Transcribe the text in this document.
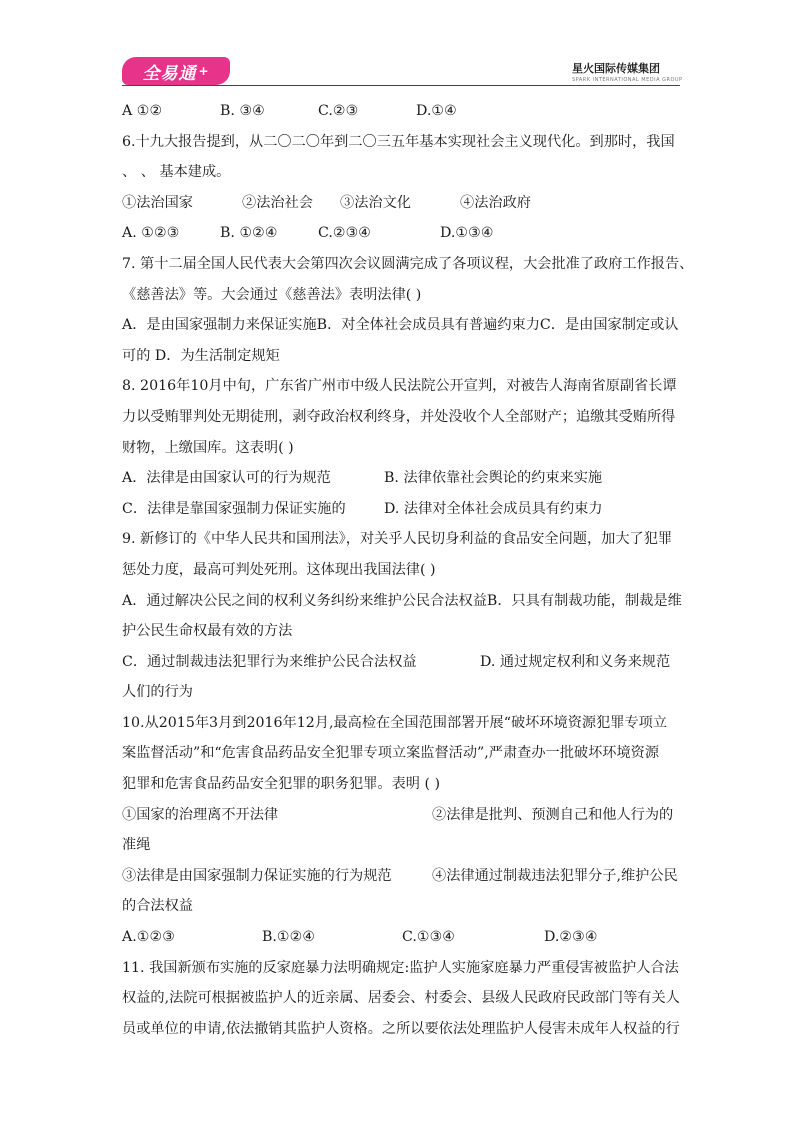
全易通 +	星火国际传媒集团
SPARK INTERNATIONAL MEDIA GROUP
A ①②	B. ③④	C.②③	D.①④
6.十九大报告提到，从二〇二〇年到二〇三五年基本实现社会主义现代化。到那时，我国
、 、 基本建成。
①法治国家	②法治社会	③法治文化	④法治政府
A. ①②③	B. ①②④	C.②③④	D.①③④
7. 第十二届全国人民代表大会第四次会议圆满完成了各项议程，大会批准了政府工作报告、
《慈善法》等。大会通过《慈善法》表明法律( )
A．是由国家强制力来保证实施B．对全体社会成员具有普遍约束力C．是由国家制定或认
可的 D．为生活制定规矩
8. 2016年10月中旬，广东省广州市中级人民法院公开宣判，对被告人海南省原副省长谭
力以受贿罪判处无期徒刑，剥夺政治权利终身，并处没收个人全部财产；追缴其受贿所得
财物，上缴国库。这表明( )
A．法律是由国家认可的行为规范	B. 法律依靠社会舆论的约束来实施
C．法律是靠国家强制力保证实施的	D. 法律对全体社会成员具有约束力
9. 新修订的《中华人民共和国刑法》，对关乎人民切身利益的食品安全问题，加大了犯罪
惩处力度，最高可判处死刑。这体现出我国法律( )
A．通过解决公民之间的权利义务纠纷来维护公民合法权益B．只具有制裁功能，制裁是维
护公民生命权最有效的方法
C．通过制裁违法犯罪行为来维护公民合法权益	D. 通过规定权利和义务来规范
人们的行为
10.从2015年3月到2016年12月,最高检在全国范围部署开展“破坏环境资源犯罪专项立
案监督活动”和“危害食品药品安全犯罪专项立案监督活动”,严肃查办一批破坏环境资源
犯罪和危害食品药品安全犯罪的职务犯罪。表明 ( )
①国家的治理离不开法律	②法律是批判、预测自己和他人行为的
准绳
③法律是由国家强制力保证实施的行为规范	④法律通过制裁违法犯罪分子,维护公民
的合法权益
A.①②③	B.①②④	C.①③④	D.②③④
11. 我国新颁布实施的反家庭暴力法明确规定:监护人实施家庭暴力严重侵害被监护人合法
权益的,法院可根据被监护人的近亲属、居委会、村委会、县级人民政府民政部门等有关人
员或单位的申请,依法撤销其监护人资格。之所以要依法处理监护人侵害未成年人权益的行
